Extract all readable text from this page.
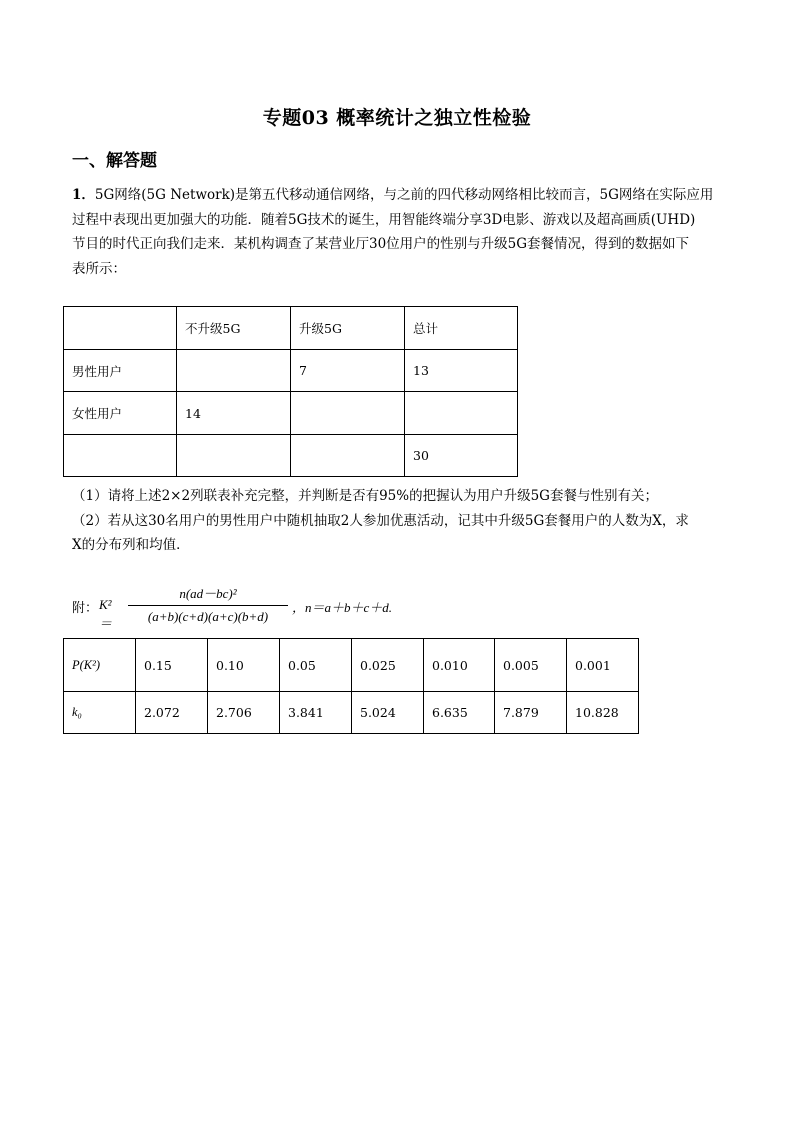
专题03 概率统计之独立性检验
一、解答题
1．5G网络(5G Network)是第五代移动通信网络，与之前的四代移动网络相比较而言，5G网络在实际应用
过程中表现出更加强大的功能．随着5G技术的诞生，用智能终端分享3D电影、游戏以及超高画质(UHD)
节目的时代正向我们走来．某机构调查了某营业厅30位用户的性别与升级5G套餐情况，得到的数据如下
表所示：
	不升级5G	升级5G	总计
男性用户		7	13
女性用户	14		
			30
（1）请将上述2×2列联表补充完整，并判断是否有95%的把握认为用户升级5G套餐与性别有关；
（2）若从这30名用户的男性用户中随机抽取2人参加优惠活动，记其中升级5G套餐用户的人数为X，求
X的分布列和均值．
附： K²＝
n(ad－bc)²
(a+b)(c+d)(a+c)(b+d)
，n＝a＋b＋c＋d.
P(K²)	0.15	0.10	0.05	0.025	0.010	0.005	0.001
k₀	2.072	2.706	3.841	5.024	6.635	7.879	10.828
